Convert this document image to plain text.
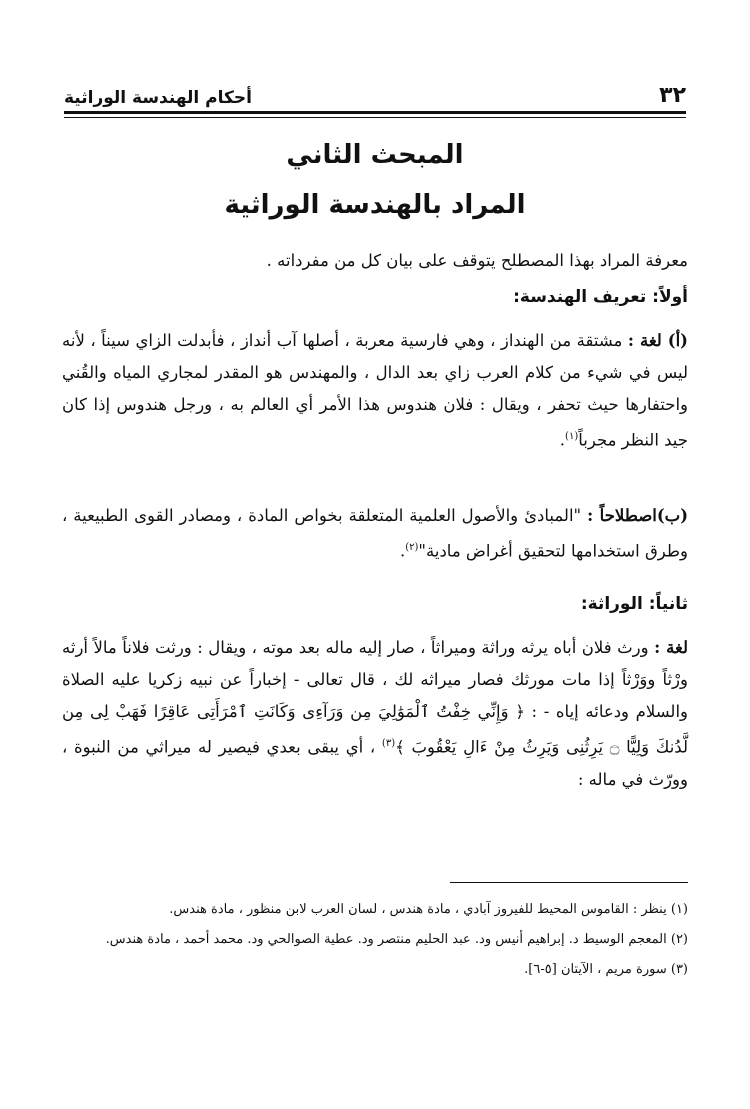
٣٢
أحكام الهندسة الوراثية
المبحث الثاني
المراد بالهندسة الوراثية
معرفة المراد بهذا المصطلح يتوقف على بيان كل من مفرداته .
أولاً: تعريف الهندسة:
(أ) لغة : مشتقة من الهنداز ، وهي فارسية معربة ، أصلها آب أنداز ، فأبدلت الزاي سيناً ، لأنه ليس في شيء من كلام العرب زاي بعد الدال ، والمهندس هو المقدر لمجاري المياه والقُني واحتفارها حيث تحفر ، ويقال : فلان هندوس هذا الأمر أي العالم به ، ورجل هندوس إذا كان جيد النظر مجرباً$^{(١)}$.
(ب)اصطلاحاً : "المبادئ والأصول العلمية المتعلقة بخواص المادة ، ومصادر القوى الطبيعية ، وطرق استخدامها لتحقيق أغراض مادية"$^{(٢)}$.
ثانياً: الوراثة:
لغة : ورث فلان أباه يرثه وراثة وميراثاً ، صار إليه ماله بعد موته ، ويقال : ورثت فلاناً مالاً أرثه ورْثاً ووَرْثاً إذا مات مورثك فصار ميراثه لك ، قال تعالى - إخباراً عن نبيه زكريا عليه الصلاة والسلام ودعائه إياه - : ﴿ وَإِنِّي خِفْتُ ٱلْمَوَٰلِيَ مِن وَرَآءِى وَكَانَتِ ٱمْرَأَتِى عَاقِرًا فَهَبْ لِى مِن لَّدُنكَ وَلِيًّا ۝ يَرِثُنِى وَيَرِثُ مِنْ ءَالِ يَعْقُوبَ ﴾$^{(٣)}$ ، أي يبقى بعدي فيصير له ميراثي من النبوة ، وورّث في ماله :

(١) ينظر : القاموس المحيط للفيروز آبادي ، مادة هندس ، لسان العرب لابن منظور ، مادة هندس.

(٢) المعجم الوسيط د. إبراهيم أنيس ود. عبد الحليم منتصر ود. عطية الصوالحي ود. محمد أحمد ، مادة هندس.

(٣) سورة مريم ، الآيتان [٥-٦].
